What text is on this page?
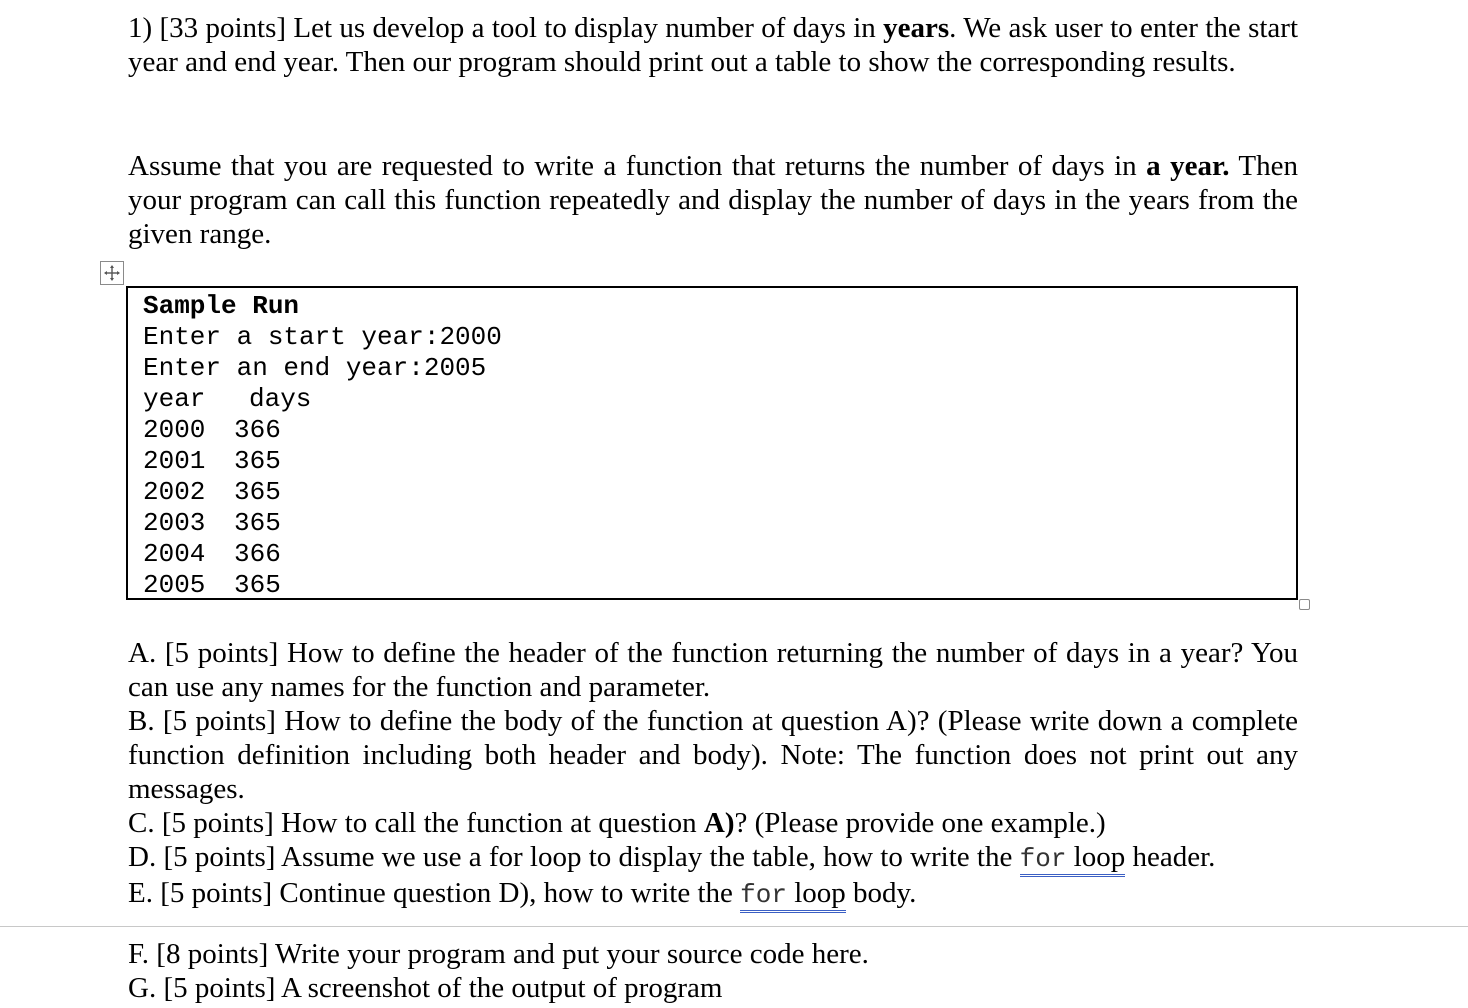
1) [33 points] Let us develop a tool to display number of days in years. We ask user to enter the start year and end year. Then our program should print out a table to show the corresponding results.

Assume that you are requested to write a function that returns the number of days in a year. Then your program can call this function repeatedly and display the number of days in the years from the given range.

Sample Run
Enter a start year:2000
Enter an end year:2005
year	days
2000	366
2001	365
2002	365
2003	365
2004	366
2005	365

A. [5 points] How to define the header of the function returning the number of days in a year? You can use any names for the function and parameter.

B. [5 points] How to define the body of the function at question A)? (Please write down a complete function definition including both header and body). Note: The function does not print out any messages.

C. [5 points] How to call the function at question A)? (Please provide one example.)

D. [5 points] Assume we use a for loop to display the table, how to write the for loop header.

E. [5 points] Continue question D), how to write the for loop body.

F. [8 points] Write your program and put your source code here.

G. [5 points] A screenshot of the output of program
